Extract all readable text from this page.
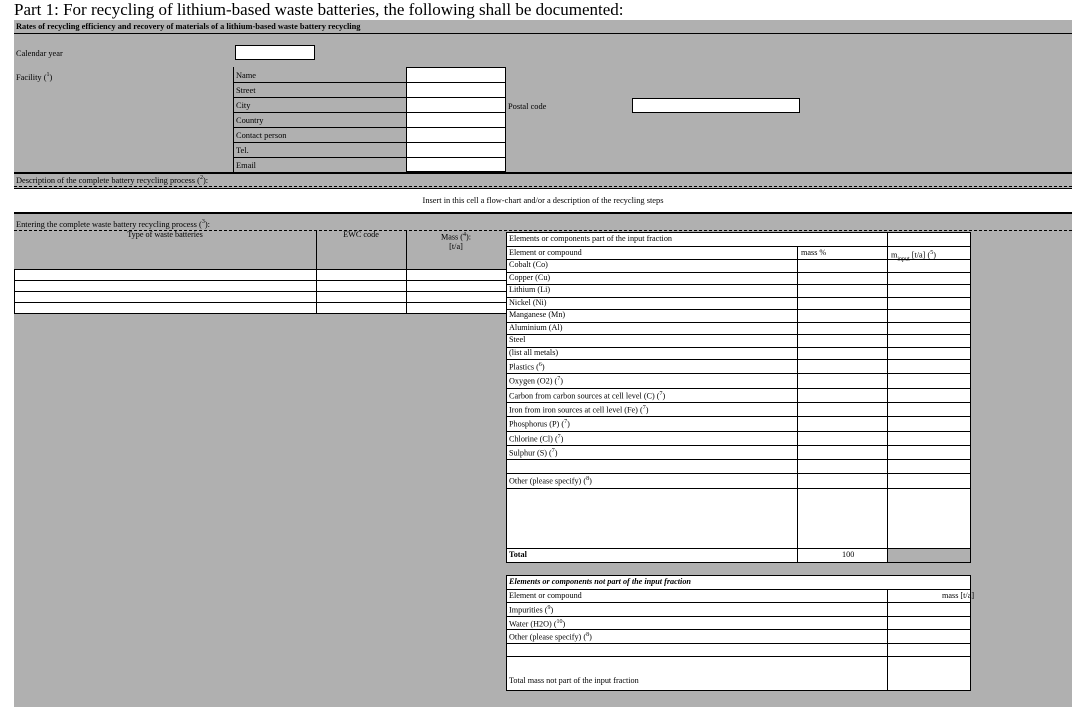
Part 1: For recycling of lithium-based waste batteries, the following shall be documented:
Rates of recycling efficiency and recovery of materials of a lithium-based waste battery recycling
Calendar year
Facility ($^1$)	Name
Street
City
Country
Contact person
Tel.
Email
Postal code
Description of the complete battery recycling process ($^2$):
Insert in this cell a flow-chart and/or a description of the recycling steps
Entering the complete waste battery recycling process ($^3$):
Type of waste batteries	EWC code	Mass ($^4$):
[t/a]
Elements or components part of the input fraction
Element or compound	mass %	$m_{input}$ [t/a] ($^5$)
Cobalt (Co)
Copper (Cu)
Lithium (Li)
Nickel (Ni)
Manganese (Mn)
Aluminium (Al)
Steel
(list all metals)
Plastics ($^6$)
Oxygen (O2) ($^7$)
Carbon from carbon sources at cell level (C) ($^7$)
Iron from iron sources at cell level (Fe) ($^7$)
Phosphorus (P) ($^7$)
Chlorine (Cl) ($^7$)
Sulphur (S) ($^7$)
Other (please specify) ($^8$)
Total	100
Elements or components not part of the input fraction
Element or compound	mass [t/a]
Impurities ($^9$)
Water (H2O) ($^{10}$)
Other (please specify) ($^8$)
Total mass not part of the input fraction
